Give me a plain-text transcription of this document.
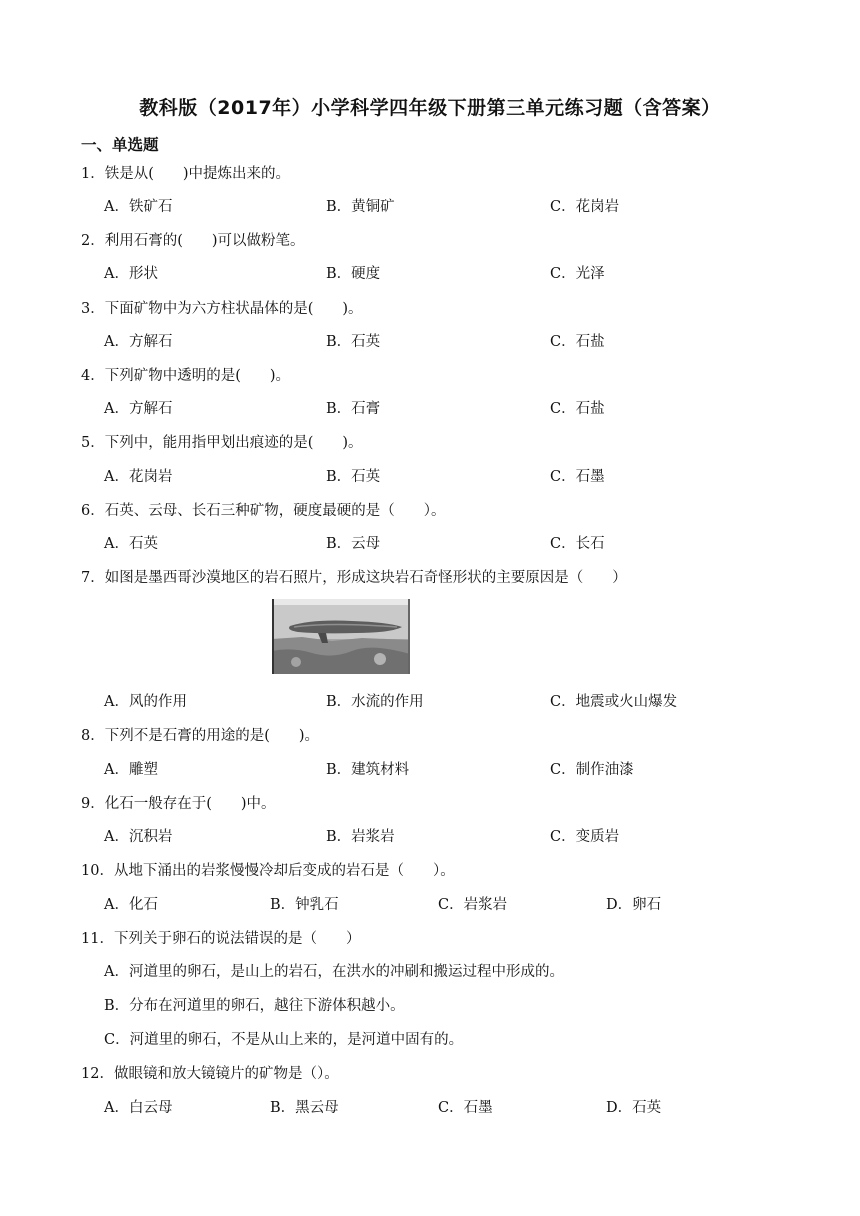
教科版（2017年）小学科学四年级下册第三单元练习题（含答案）
一、单选题
1．铁是从(　　)中提炼出来的。
A．铁矿石	B．黄铜矿	C．花岗岩
2．利用石膏的(　　)可以做粉笔。
A．形状	B．硬度	C．光泽
3．下面矿物中为六方柱状晶体的是(　　)。
A．方解石	B．石英	C．石盐
4．下列矿物中透明的是(　　)。
A．方解石	B．石膏	C．石盐
5．下列中，能用指甲划出痕迹的是(　　)。
A．花岗岩	B．石英	C．石墨
6．石英、云母、长石三种矿物，硬度最硬的是（　　）。
A．石英	B．云母	C．长石
7．如图是墨西哥沙漠地区的岩石照片，形成这块岩石奇怪形状的主要原因是（　　）
A．风的作用	B．水流的作用	C．地震或火山爆发
8．下列不是石膏的用途的是(　　)。
A．雕塑	B．建筑材料	C．制作油漆
9．化石一般存在于(　　)中。
A．沉积岩	B．岩浆岩	C．变质岩
10．从地下涌出的岩浆慢慢冷却后变成的岩石是（　　）。
A．化石	B．钟乳石	C．岩浆岩	D．卵石
11．下列关于卵石的说法错误的是（　　）
A．河道里的卵石，是山上的岩石，在洪水的冲刷和搬运过程中形成的。
B．分布在河道里的卵石，越往下游体积越小。
C．河道里的卵石，不是从山上来的，是河道中固有的。
12．做眼镜和放大镜镜片的矿物是（）。
A．白云母	B．黑云母	C．石墨	D．石英
